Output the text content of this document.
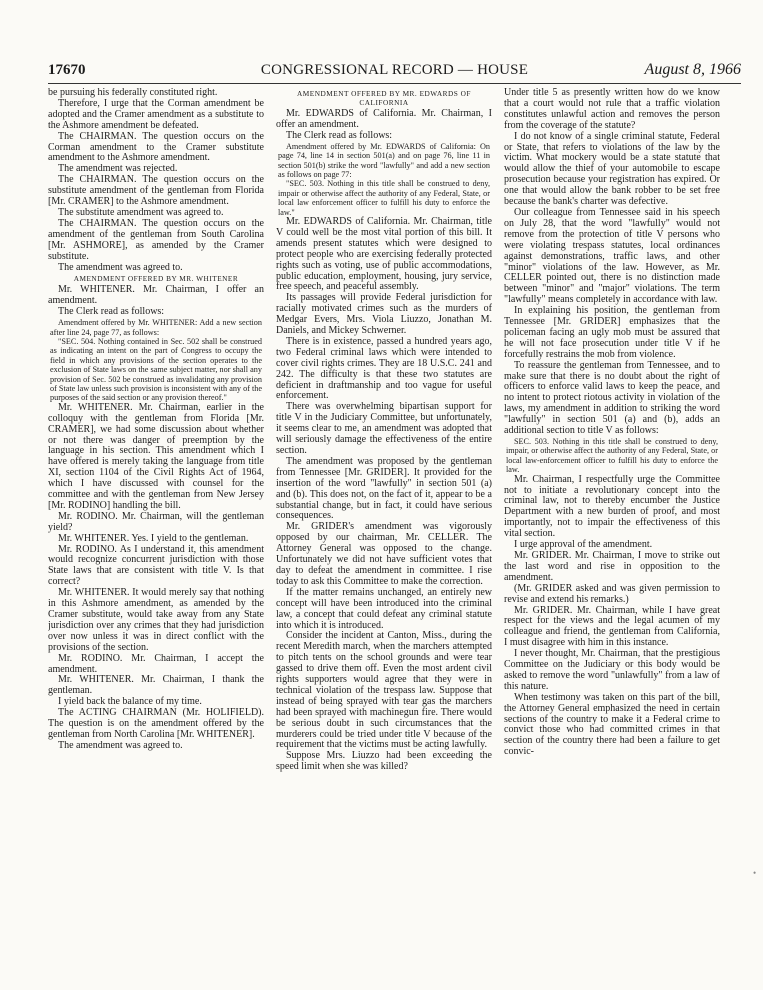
17670	CONGRESSIONAL RECORD — HOUSE	August 8, 1966

be pursuing his federally constituted right.

Therefore, I urge that the Corman amendment be adopted and the Cramer amendment as a substitute to the Ashmore amendment be defeated.

The CHAIRMAN. The question occurs on the Corman amendment to the Cramer substitute amendment to the Ashmore amendment.

The amendment was rejected.

The CHAIRMAN. The question occurs on the substitute amendment of the gentleman from Florida [Mr. CRAMER] to the Ashmore amendment.

The substitute amendment was agreed to.

The CHAIRMAN. The question occurs on the amendment of the gentleman from South Carolina [Mr. ASHMORE], as amended by the Cramer substitute.

The amendment was agreed to.

AMENDMENT OFFERED BY MR. WHITENER

Mr. WHITENER. Mr. Chairman, I offer an amendment.

The Clerk read as follows:

Amendment offered by Mr. WHITENER: Add a new section after line 24, page 77, as follows:

"SEC. 504. Nothing contained in Sec. 502 shall be construed as indicating an intent on the part of Congress to occupy the field in which any provisions of the section operates to the exclusion of State laws on the same subject matter, nor shall any provision of Sec. 502 be construed as invalidating any provision of State law unless such provision is inconsistent with any of the purposes of the said section or any provision thereof."

Mr. WHITENER. Mr. Chairman, earlier in the colloquy with the gentleman from Florida [Mr. CRAMER], we had some discussion about whether or not there was danger of preemption by the language in his section. This amendment which I have offered is merely taking the language from title XI, section 1104 of the Civil Rights Act of 1964, which I have discussed with counsel for the committee and with the gentleman from New Jersey [Mr. RODINO] handling the bill.

Mr. RODINO. Mr. Chairman, will the gentleman yield?

Mr. WHITENER. Yes. I yield to the gentleman.

Mr. RODINO. As I understand it, this amendment would recognize concurrent jurisdiction with those State laws that are consistent with title V. Is that correct?

Mr. WHITENER. It would merely say that nothing in this Ashmore amendment, as amended by the Cramer substitute, would take away from any State jurisdiction over any crimes that they had jurisdiction over now unless it was in direct conflict with the provisions of the section.

Mr. RODINO. Mr. Chairman, I accept the amendment.

Mr. WHITENER. Mr. Chairman, I thank the gentleman.

I yield back the balance of my time.

The ACTING CHAIRMAN (Mr. HOLIFIELD). The question is on the amendment offered by the gentleman from North Carolina [Mr. WHITENER].

The amendment was agreed to.

AMENDMENT OFFERED BY MR. EDWARDS OF CALIFORNIA

Mr. EDWARDS of California. Mr. Chairman, I offer an amendment.

The Clerk read as follows:

Amendment offered by Mr. EDWARDS of California: On page 74, line 14 in section 501(a) and on page 76, line 11 in section 501(b) strike the word "lawfully" and add a new section as follows on page 77:

"SEC. 503. Nothing in this title shall be construed to deny, impair or otherwise affect the authority of any Federal, State, or local law enforcement officer to fulfill his duty to enforce the law."

Mr. EDWARDS of California. Mr. Chairman, title V could well be the most vital portion of this bill. It amends present statutes which were designed to protect people who are exercising federally protected rights such as voting, use of public accommodations, public education, employment, housing, jury service, free speech, and peaceful assembly.

Its passages will provide Federal jurisdiction for racially motivated crimes such as the murders of Medgar Evers, Mrs. Viola Liuzzo, Jonathan M. Daniels, and Mickey Schwerner.

There is in existence, passed a hundred years ago, two Federal criminal laws which were intended to cover civil rights crimes. They are 18 U.S.C. 241 and 242. The difficulty is that these two statutes are deficient in draftmanship and too vague for useful enforcement.

There was overwhelming bipartisan support for title V in the Judiciary Committee, but unfortunately, it seems clear to me, an amendment was adopted that will seriously damage the effectiveness of the entire section.

The amendment was proposed by the gentleman from Tennessee [Mr. GRIDER]. It provided for the insertion of the word "lawfully" in section 501 (a) and (b). This does not, on the fact of it, appear to be a substantial change, but in fact, it could have serious consequences.

Mr. GRIDER's amendment was vigorously opposed by our chairman, Mr. CELLER. The Attorney General was opposed to the change. Unfortunately we did not have sufficient votes that day to defeat the amendment in committee. I rise today to ask this Committee to make the correction.

If the matter remains unchanged, an entirely new concept will have been introduced into the criminal law, a concept that could defeat any criminal statute into which it is introduced.

Consider the incident at Canton, Miss., during the recent Meredith march, when the marchers attempted to pitch tents on the school grounds and were tear gassed to drive them off. Even the most ardent civil rights supporters would agree that they were in technical violation of the trespass law. Suppose that instead of being sprayed with tear gas the marchers had been sprayed with machinegun fire. There would be serious doubt in such circumstances that the murderers could be tried under title V because of the requirement that the victims must be acting lawfully.

Suppose Mrs. Liuzzo had been exceeding the speed limit when she was killed?

Under title 5 as presently written how do we know that a court would not rule that a traffic violation constitutes unlawful action and removes the person from the coverage of the statute?

I do not know of a single criminal statute, Federal or State, that refers to violations of the law by the victim. What mockery would be a state statute that would allow the thief of your automobile to escape prosecution because your registration has expired. Or one that would allow the bank robber to be set free because the bank's charter was defective.

Our colleague from Tennessee said in his speech on July 28, that the word "lawfully" would not remove from the protection of title V persons who were violating trespass statutes, local ordinances against demonstrations, traffic laws, and other "minor" violations of the law. However, as Mr. CELLER pointed out, there is no distinction made between "minor" and "major" violations. The term "lawfully" means completely in accordance with law.

In explaining his position, the gentleman from Tennessee [Mr. GRIDER] emphasizes that the policeman facing an ugly mob must be assured that he will not face prosecution under title V if he forcefully restrains the mob from violence.

To reassure the gentleman from Tennessee, and to make sure that there is no doubt about the right of officers to enforce valid laws to keep the peace, and no intent to protect riotous activity in violation of the laws, my amendment in addition to striking the word "lawfully" in section 501 (a) and (b), adds an additional section to title V as follows:

SEC. 503. Nothing in this title shall be construed to deny, impair, or otherwise affect the authority of any Federal, State, or local law-enforcement officer to fulfill his duty to enforce the law.

Mr. Chairman, I respectfully urge the Committee not to initiate a revolutionary concept into the criminal law, not to thereby encumber the Justice Department with a new burden of proof, and most importantly, not to impair the effectiveness of this vital section.

I urge approval of the amendment.

Mr. GRIDER. Mr. Chairman, I move to strike out the last word and rise in opposition to the amendment.

(Mr. GRIDER asked and was given permission to revise and extend his remarks.)

Mr. GRIDER. Mr. Chairman, while I have great respect for the views and the legal acumen of my colleague and friend, the gentleman from California, I must disagree with him in this instance.

I never thought, Mr. Chairman, that the prestigious Committee on the Judiciary or this body would be asked to remove the word "unlawfully" from a law of this nature.

When testimony was taken on this part of the bill, the Attorney General emphasized the need in certain sections of the country to make it a Federal crime to convict those who had committed crimes in that section of the country there had been a failure to get convic-

•
